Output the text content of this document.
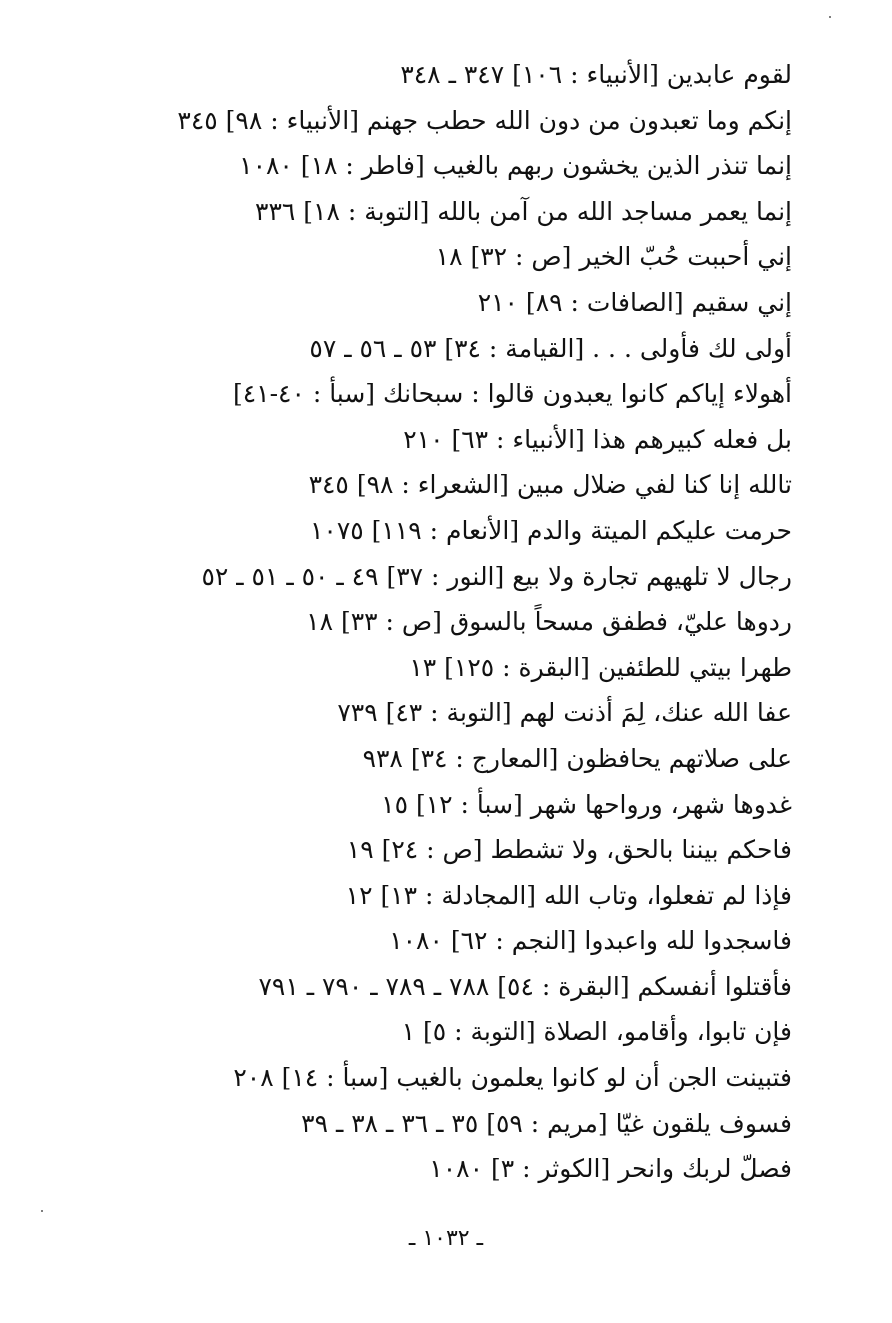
لقوم عابدين [الأنبياء : ١٠٦] ٣٤٧ ـ ٣٤٨
إنكم وما تعبدون من دون الله حطب جهنم [الأنبياء : ٩٨] ٣٤٥
إنما تنذر الذين يخشون ربهم بالغيب [فاطر : ١٨] ١٠٨٠
إنما يعمر مساجد الله من آمن بالله [التوبة : ١٨] ٣٣٦
إني أحببت حُبّ الخير [ص : ٣٢] ١٨
إني سقيم [الصافات : ٨٩] ٢١٠
أولى لك فأولى . . . [القيامة : ٣٤] ٥٣ ـ ٥٦ ـ ٥٧
أهولاء إياكم كانوا يعبدون قالوا : سبحانك [سبأ : ٤٠-٤١]
بل فعله كبيرهم هذا [الأنبياء : ٦٣] ٢١٠
تالله إنا كنا لفي ضلال مبين [الشعراء : ٩٨] ٣٤٥
حرمت عليكم الميتة والدم [الأنعام : ١١٩] ١٠٧٥
رجال لا تلهيهم تجارة ولا بيع [النور : ٣٧] ٤٩ ـ ٥٠ ـ ٥١ ـ ٥٢
ردوها عليّ، فطفق مسحاً بالسوق [ص : ٣٣] ١٨
طهرا بيتي للطئفين [البقرة : ١٢٥] ١٣
عفا الله عنك، لِمَ أذنت لهم [التوبة : ٤٣] ٧٣٩
على صلاتهم يحافظون [المعارج : ٣٤] ٩٣٨
غدوها شهر، ورواحها شهر [سبأ : ١٢] ١٥
فاحكم بيننا بالحق، ولا تشطط [ص : ٢٤] ١٩
فإذا لم تفعلوا، وتاب الله [المجادلة : ١٣] ١٢
فاسجدوا لله واعبدوا [النجم : ٦٢] ١٠٨٠
فأقتلوا أنفسكم [البقرة : ٥٤] ٧٨٨ ـ ٧٨٩ ـ ٧٩٠ ـ ٧٩١
فإن تابوا، وأقامو، الصلاة [التوبة : ٥] ١
فتبينت الجن أن لو كانوا يعلمون بالغيب [سبأ : ١٤] ٢٠٨
فسوف يلقون غيّا [مريم : ٥٩] ٣٥ ـ ٣٦ ـ ٣٨ ـ ٣٩
فصلّ لربك وانحر [الكوثر : ٣] ١٠٨٠
ـ ١٠٣٢ ـ
